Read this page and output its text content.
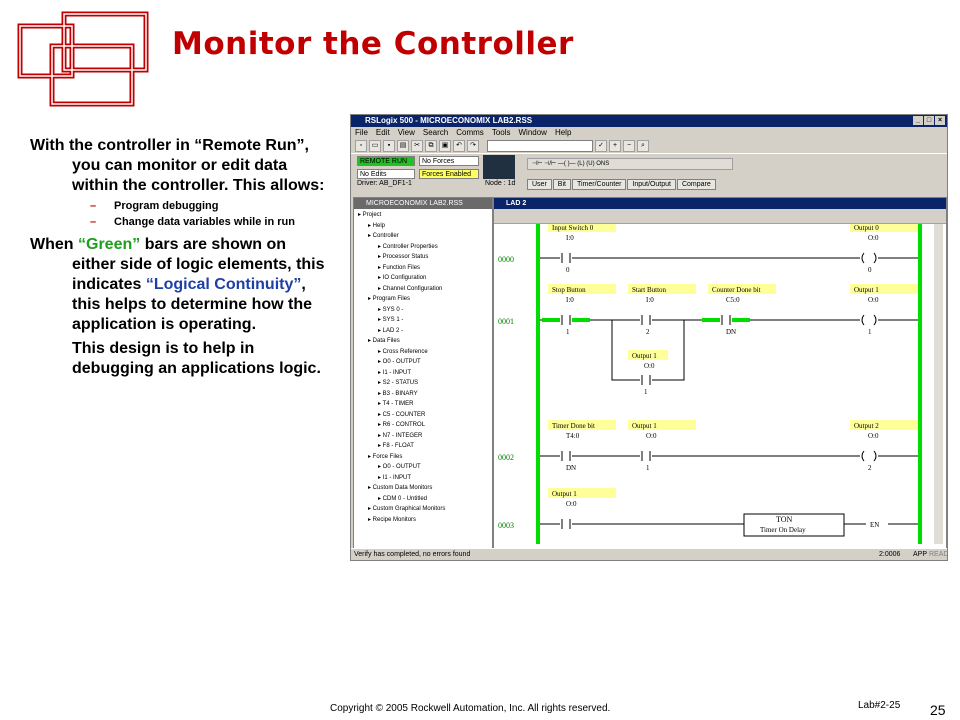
Monitor the Controller

With the controller in “Remote Run”, you can monitor or edit data within the controller. This allows:

– Program debugging
– Change data variables while in run

When “Green” bars are shown on either side of logic elements, this indicates “Logical Continuity”, this helps to determine how the application is operating.

This design is to help in debugging an applications logic.

RSLogix 500 - MICROECONOMIX LAB2.RSS	_ □ ×
File Edit View Search Comms Tools Window Help
▫	▭	▪	▤	✂	⧉	▣	↶	↷	✓	+	−	⌕
REMOTE RUN	No Forces
No Edits	Forces Enabled
Driver: AB_DF1-1	Node : 1d
⊣⊢ ⊣/⊢ —( )— (L) (U) ONS
User	Bit	Timer/Counter	Input/Output	Compare
MICROECONOMIX LAB2.RSS
▸ Project
▸ Help
▸ Controller
▸ Controller Properties
▸ Processor Status
▸ Function Files
▸ IO Configuration
▸ Channel Configuration
▸ Program Files
▸ SYS 0 -
▸ SYS 1 -
▸ LAD 2 -
▸ Data Files
▸ Cross Reference
▸ O0 - OUTPUT
▸ I1 - INPUT
▸ S2 - STATUS
▸ B3 - BINARY
▸ T4 - TIMER
▸ C5 - COUNTER
▸ R6 - CONTROL
▸ N7 - INTEGER
▸ F8 - FLOAT
▸ Force Files
▸ O0 - OUTPUT
▸ I1 - INPUT
▸ Custom Data Monitors
▸ CDM 0 - Untitled
▸ Custom Graphical Monitors
▸ Recipe Monitors
LAD 2
0000
Input Switch 0
I:0
0
Output 0
O:0
0
0001
Stop Button
I:0
1
Start Button
I:0
2
Counter Done bit
C5:0
DN
Output 1
O:0
1
Output 1
O:0
1
0002
Timer Done bit
T4:0
DN
Output 1
O:0
1
Output 2
O:0
2
0003
Output 1
O:0
TON
Timer On Delay
EN
Verify has completed, no errors found	2:0006 APP READ
Copyright © 2005 Rockwell Automation, Inc. All rights reserved.	Lab#2-25 25
